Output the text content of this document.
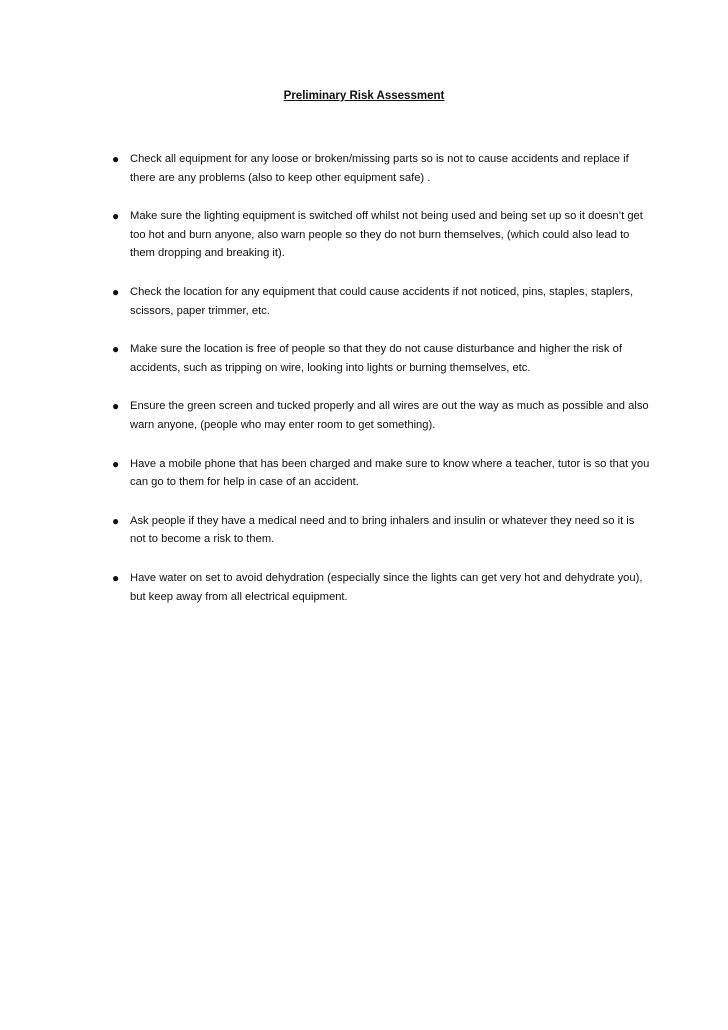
Preliminary Risk Assessment
● Check all equipment for any loose or broken/missing parts so is not to cause accidents and replace if there are any problems (also to keep other equipment safe) .
● Make sure the lighting equipment is switched off whilst not being used and being set up so it doesn’t get too hot and burn anyone, also warn people so they do not burn themselves, (which could also lead to them dropping and breaking it).
● Check the location for any equipment that could cause accidents if not noticed, pins, staples, staplers, scissors, paper trimmer, etc.
● Make sure the location is free of people so that they do not cause disturbance and higher the risk of accidents, such as tripping on wire, looking into lights or burning themselves, etc.
● Ensure the green screen and tucked properly and all wires are out the way as much as possible and also warn anyone, (people who may enter room to get something).
● Have a mobile phone that has been charged and make sure to know where a teacher, tutor is so that you can go to them for help in case of an accident.
● Ask people if they have a medical need and to bring inhalers and insulin or whatever they need so it is not to become a risk to them.
● Have water on set to avoid dehydration (especially since the lights can get very hot and dehydrate you), but keep away from all electrical equipment.
